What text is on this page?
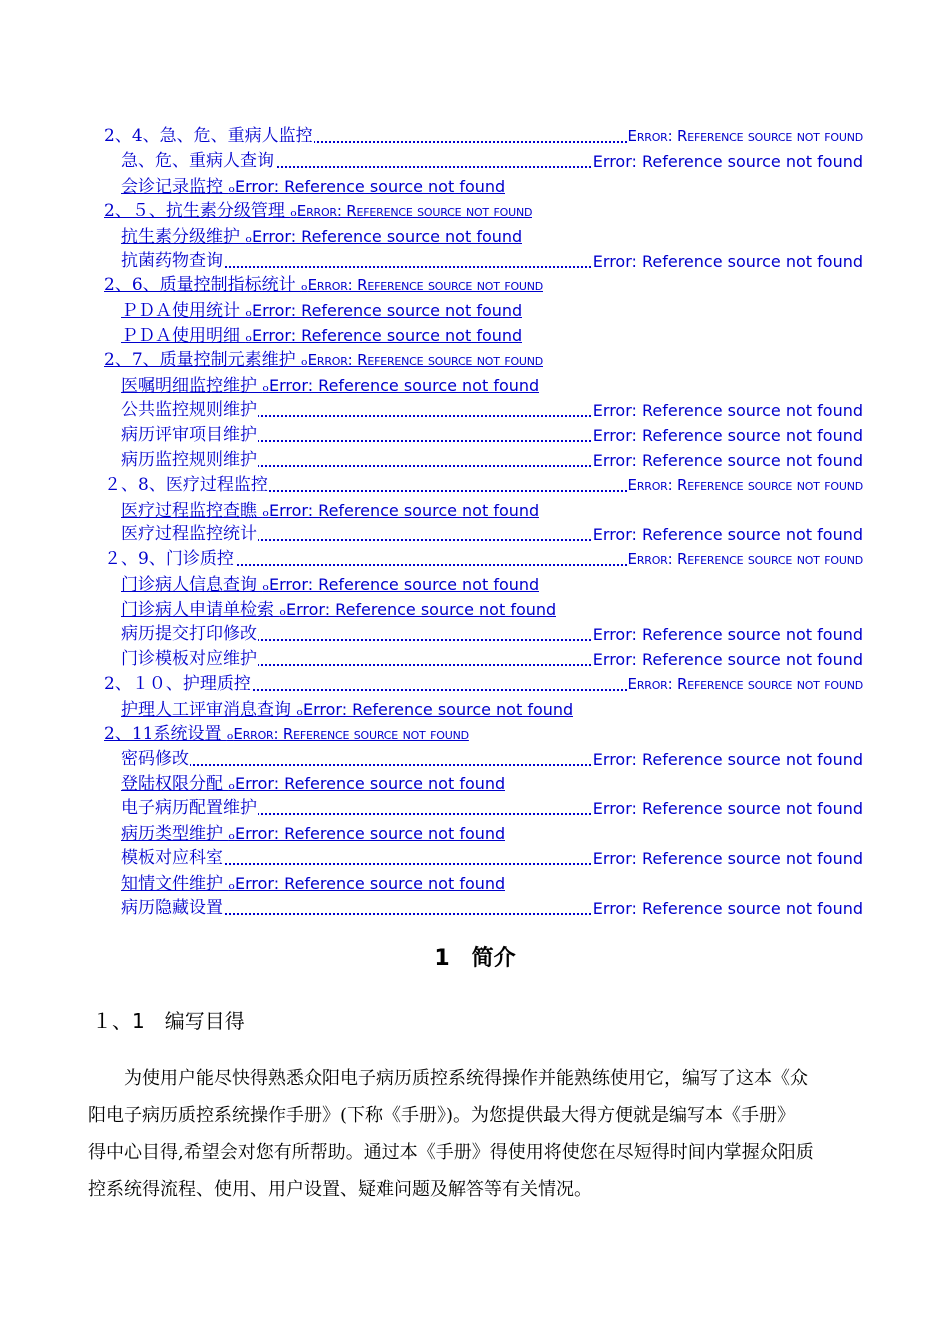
2、4、急、危、重病人监控	Error: Reference source not found
急、危、重病人查询	Error: Reference source not found
会诊记录监控 ₒError: Reference source not found
2、５、抗生素分级管理 ₒError: Reference source not found
抗生素分级维护 ₒError: Reference source not found
抗菌药物查询	Error: Reference source not found
2、6、质量控制指标统计 ₒError: Reference source not found
ＰＤＡ使用统计 ₒError: Reference source not found
ＰＤＡ使用明细 ₒError: Reference source not found
2、7、质量控制元素维护 ₒError: Reference source not found
医嘱明细监控维护 ₒError: Reference source not found
公共监控规则维护	Error: Reference source not found
病历评审项目维护	Error: Reference source not found
病历监控规则维护	Error: Reference source not found
２、8、医疗过程监控	Error: Reference source not found
医疗过程监控查瞧 ₒError: Reference source not found
医疗过程监控统计	Error: Reference source not found
２、9、门诊质控	Error: Reference source not found
门诊病人信息查询 ₒError: Reference source not found
门诊病人申请单检索 ₒError: Reference source not found
病历提交打印修改	Error: Reference source not found
门诊模板对应维护	Error: Reference source not found
2、１０、护理质控	Error: Reference source not found
护理人工评审消息查询 ₒError: Reference source not found
2、11系统设置 ₒError: Reference source not found
密码修改	Error: Reference source not found
登陆权限分配 ₒError: Reference source not found
电子病历配置维护	Error: Reference source not found
病历类型维护 ₒError: Reference source not found
模板对应科室	Error: Reference source not found
知情文件维护 ₒError: Reference source not found
病历隐藏设置	Error: Reference source not found
1 简介
１、1 编写目得
为使用户能尽快得熟悉众阳电子病历质控系统得操作并能熟练使用它，编写了这本《众
阳电子病历质控系统操作手册》(下称《手册》)。为您提供最大得方便就是编写本《手册》
得中心目得,希望会对您有所帮助。通过本《手册》得使用将使您在尽短得时间内掌握众阳质
控系统得流程、使用、用户设置、疑难问题及解答等有关情况。
